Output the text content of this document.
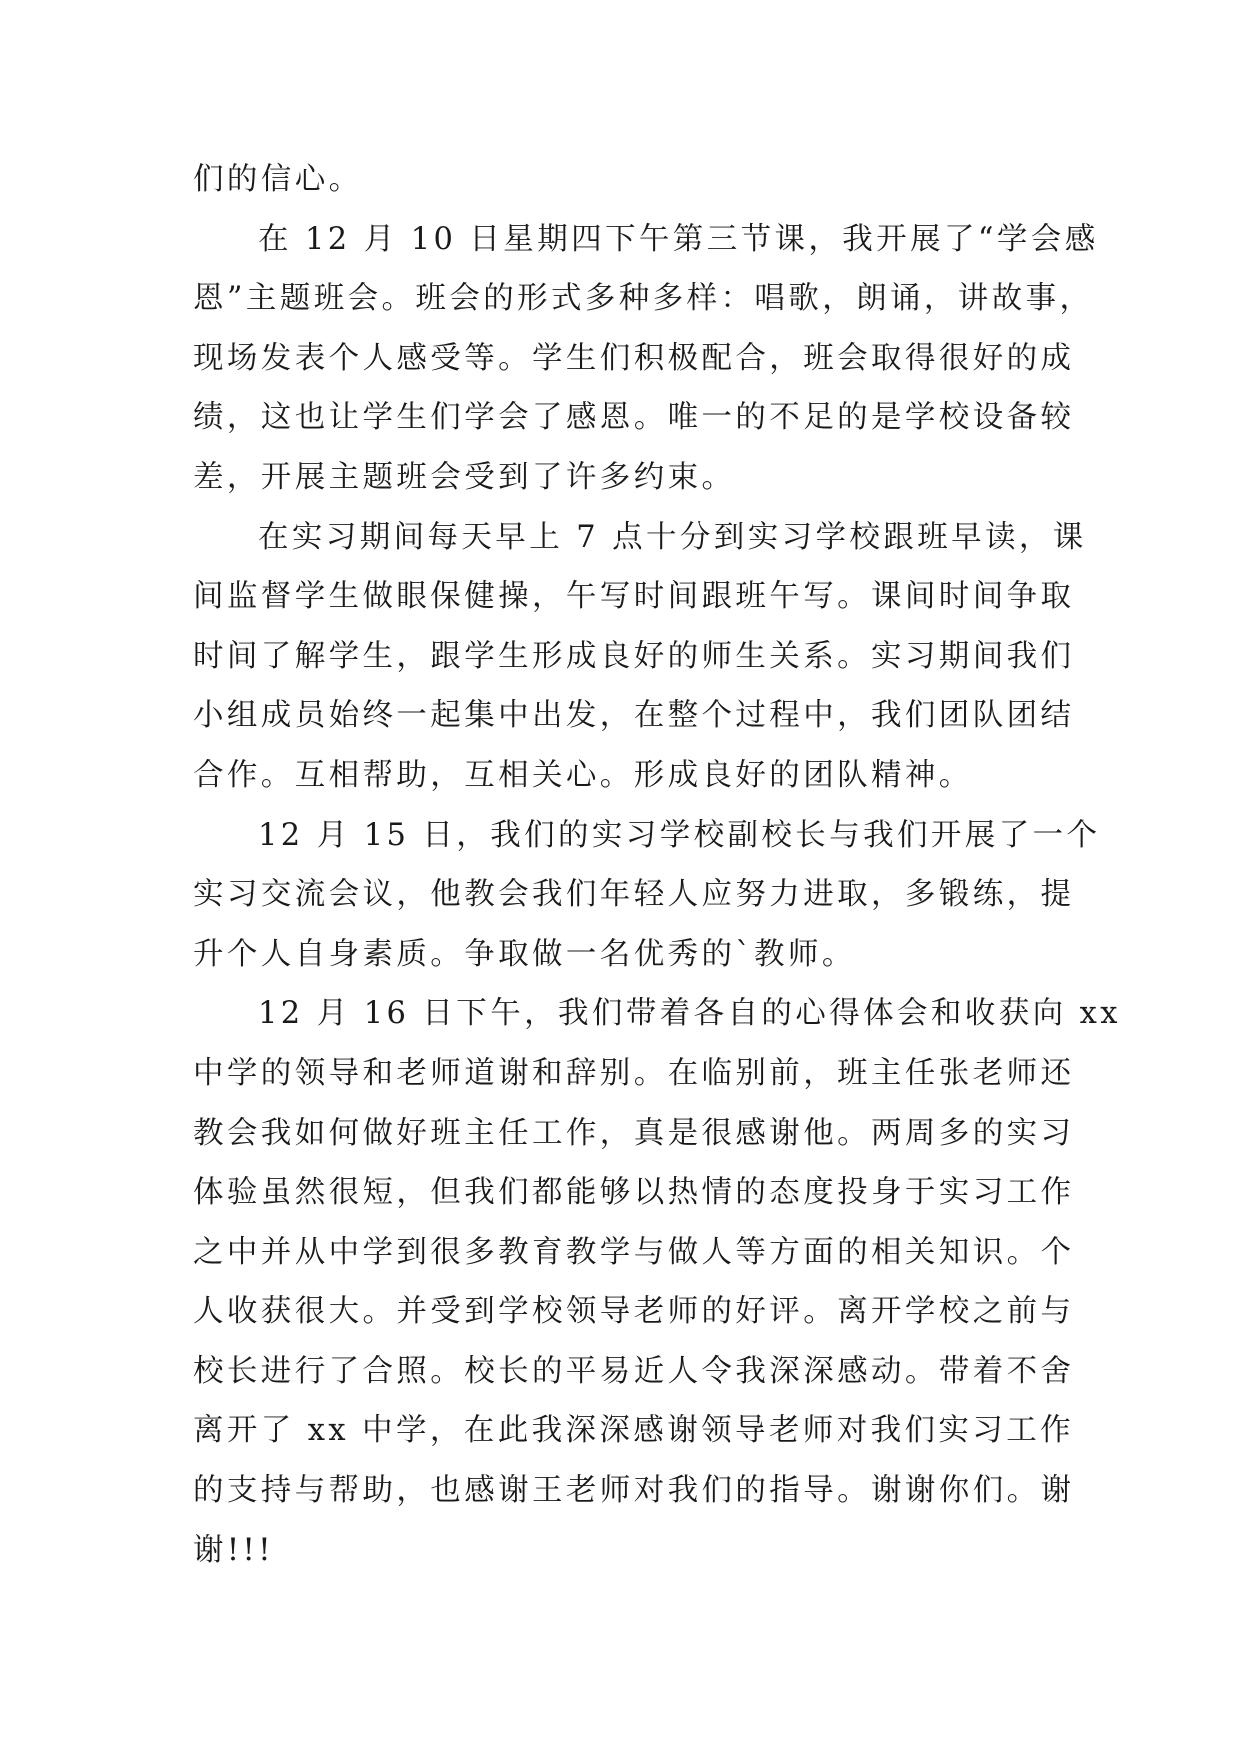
们的信心。
在 12 月 10 日星期四下午第三节课，我开展了“学会感
恩”主题班会。班会的形式多种多样：唱歌，朗诵，讲故事，
现场发表个人感受等。学生们积极配合，班会取得很好的成
绩，这也让学生们学会了感恩。唯一的不足的是学校设备较
差，开展主题班会受到了许多约束。
在实习期间每天早上 7 点十分到实习学校跟班早读，课
间监督学生做眼保健操，午写时间跟班午写。课间时间争取
时间了解学生，跟学生形成良好的师生关系。实习期间我们
小组成员始终一起集中出发，在整个过程中，我们团队团结
合作。互相帮助，互相关心。形成良好的团队精神。
12 月 15 日，我们的实习学校副校长与我们开展了一个
实习交流会议，他教会我们年轻人应努力进取，多锻练，提
升个人自身素质。争取做一名优秀的`教师。
12 月 16 日下午，我们带着各自的心得体会和收获向 xx
中学的领导和老师道谢和辞别。在临别前，班主任张老师还
教会我如何做好班主任工作，真是很感谢他。两周多的实习
体验虽然很短，但我们都能够以热情的态度投身于实习工作
之中并从中学到很多教育教学与做人等方面的相关知识。个
人收获很大。并受到学校领导老师的好评。离开学校之前与
校长进行了合照。校长的平易近人令我深深感动。带着不舍
离开了 xx 中学，在此我深深感谢领导老师对我们实习工作
的支持与帮助，也感谢王老师对我们的指导。谢谢你们。谢
谢!!!
